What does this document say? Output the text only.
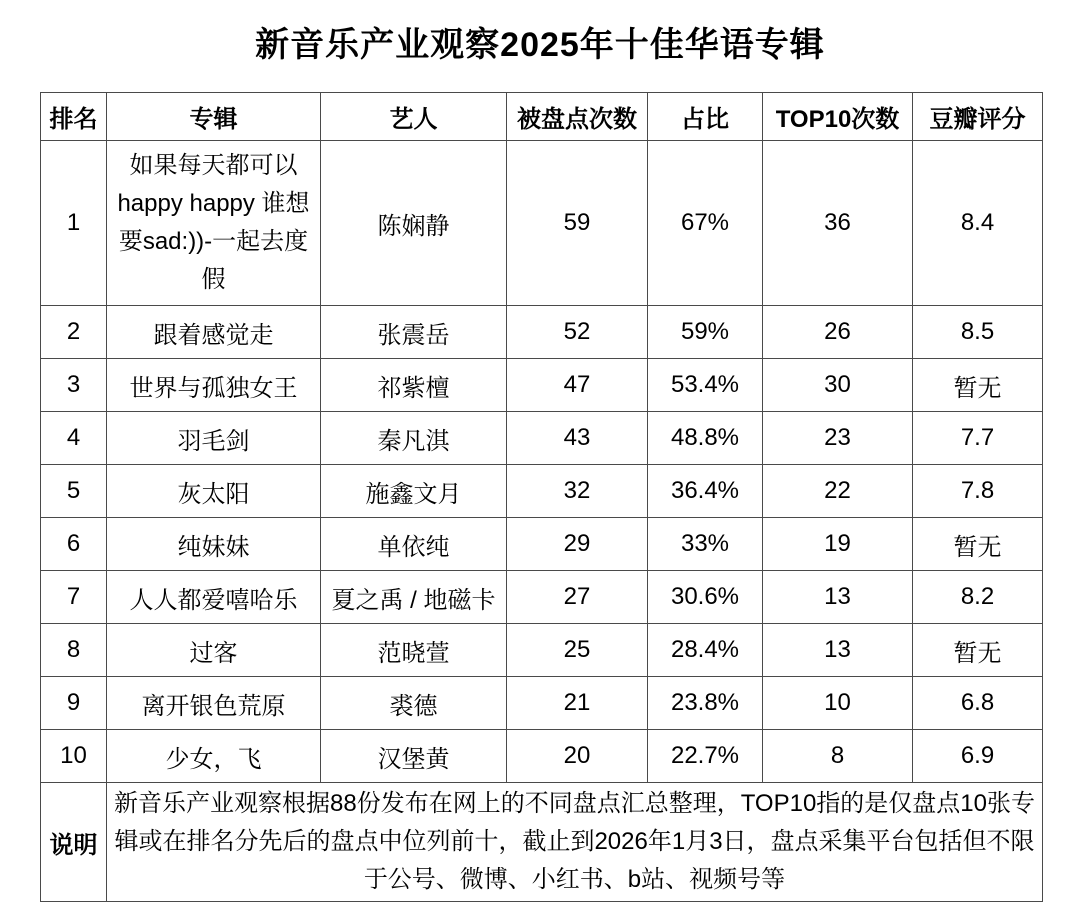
新音乐产业观察2025年十佳华语专辑
排名	专辑	艺人	被盘点次数	占比	TOP10次数	豆瓣评分
1	如果每天都可以 happy happy 谁想要sad:))-一起去度假	陈娴静	59	67%	36	8.4
2	跟着感觉走	张震岳	52	59%	26	8.5
3	世界与孤独女王	祁紫檀	47	53.4%	30	暂无
4	羽毛剑	秦凡淇	43	48.8%	23	7.7
5	灰太阳	施鑫文月	32	36.4%	22	7.8
6	纯妹妹	单依纯	29	33%	19	暂无
7	人人都爱嘻哈乐	夏之禹 / 地磁卡	27	30.6%	13	8.2
8	过客	范晓萱	25	28.4%	13	暂无
9	离开银色荒原	裘德	21	23.8%	10	6.8
10	少女，飞	汉堡黄	20	22.7%	8	6.9
说明	新音乐产业观察根据88份发布在网上的不同盘点汇总整理，TOP10指的是仅盘点10张专辑或在排名分先后的盘点中位列前十，截止到2026年1月3日，盘点采集平台包括但不限于公号、微博、小红书、b站、视频号等					
